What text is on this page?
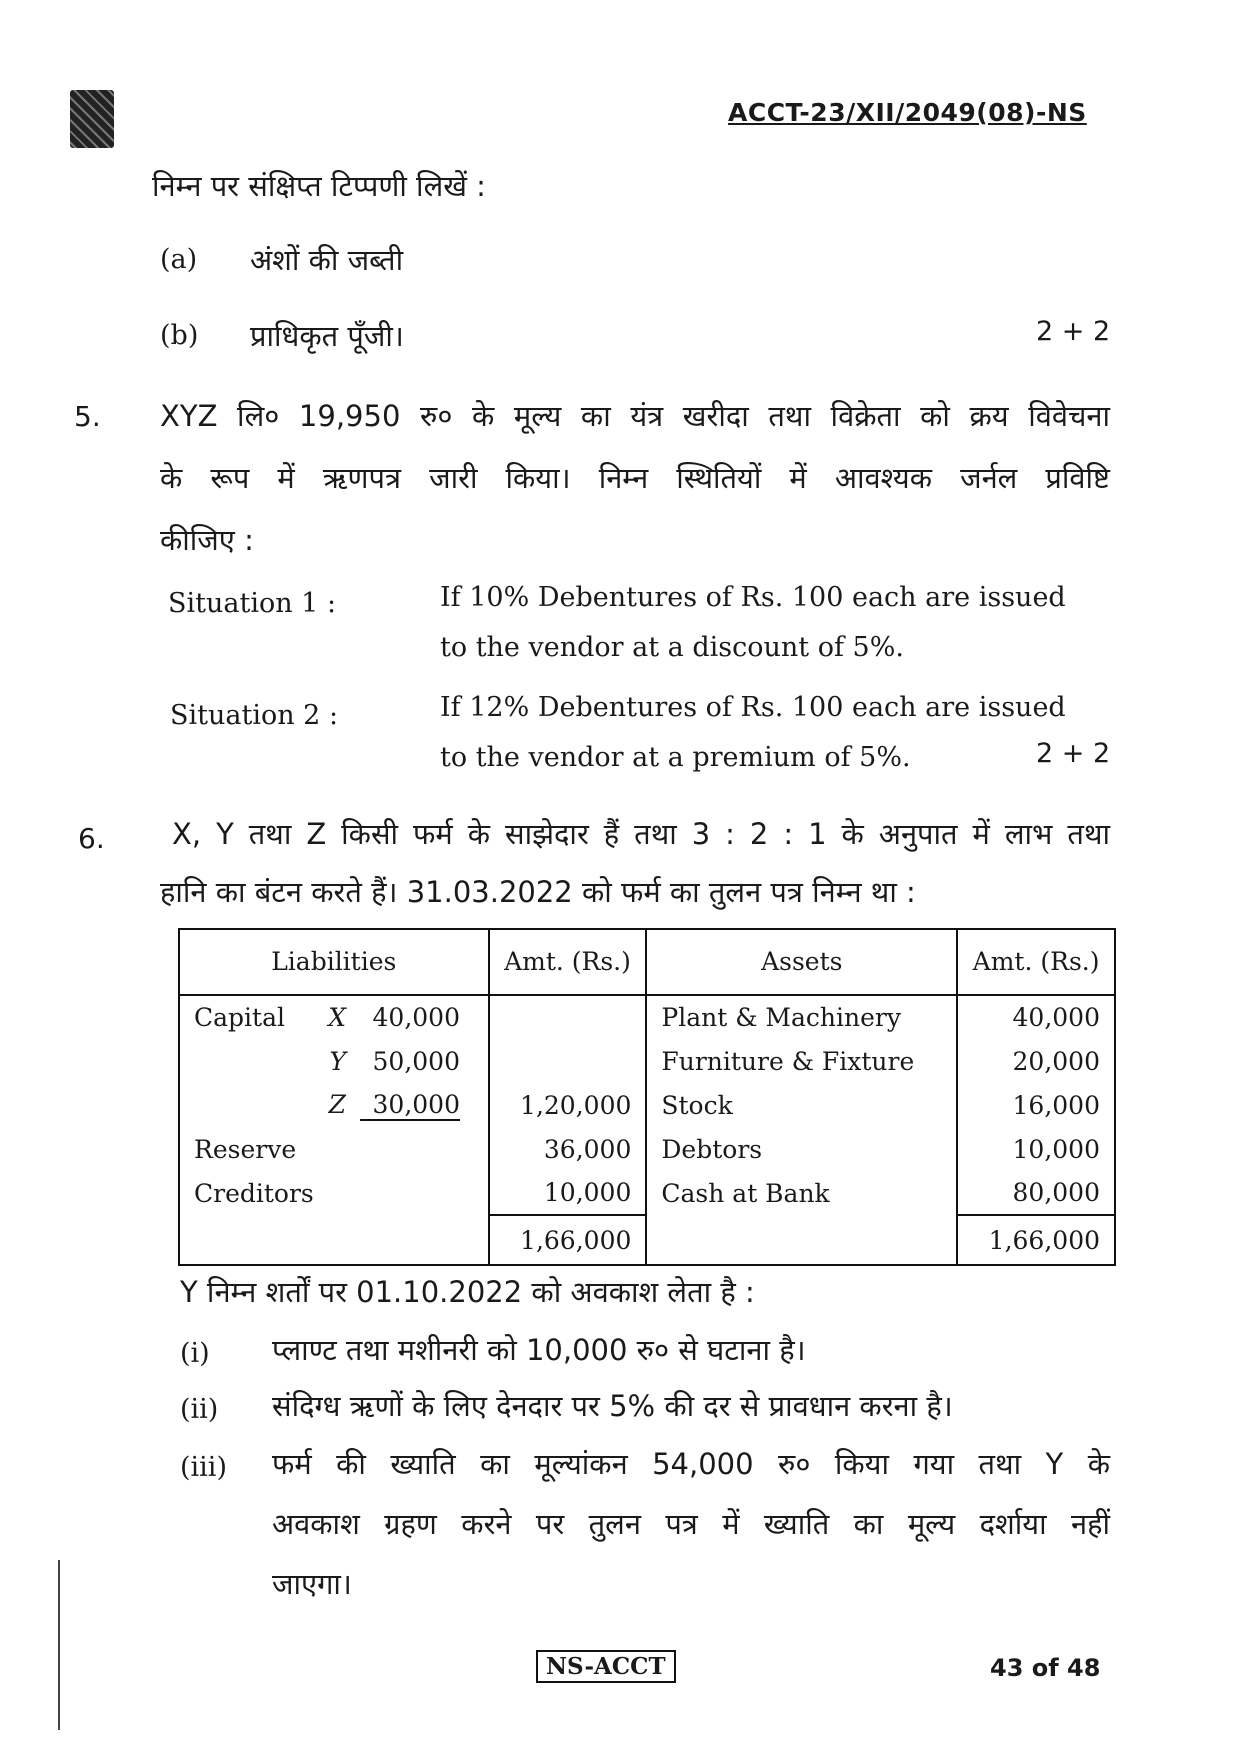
ACCT-23/XII/2049(08)-NS
निम्न पर संक्षिप्त टिप्पणी लिखें :
(a) अंशों की जब्ती
(b) प्राधिकृत पूँजी।	2 + 2
5. XYZ लि० 19,950 रु० के मूल्य का यंत्र खरीदा तथा विक्रेता को क्रय विवेचना
के रूप में ऋणपत्र जारी किया। निम्न स्थितियों में आवश्यक जर्नल प्रविष्टि
कीजिए :
Situation 1 :	If 10% Debentures of Rs. 100 each are issued
to the vendor at a discount of 5%.
Situation 2 :	If 12% Debentures of Rs. 100 each are issued
to the vendor at a premium of 5%.	2 + 2
6. X, Y तथा Z किसी फर्म के साझेदार हैं तथा 3 : 2 : 1 के अनुपात में लाभ तथा
हानि का बंटन करते हैं। 31.03.2022 को फर्म का तुलन पत्र निम्न था :
Liabilities	Amt. (Rs.)	Assets	Amt. (Rs.)
Capital X 40,000		Plant & Machinery	40,000
Y 50,000		Furniture & Fixture	20,000
Z 30,000	1,20,000	Stock	16,000
Reserve	36,000	Debtors	10,000
Creditors	10,000	Cash at Bank	80,000
	1,66,000		1,66,000
Y निम्न शर्तों पर 01.10.2022 को अवकाश लेता है :
(i) प्लाण्ट तथा मशीनरी को 10,000 रु० से घटाना है।
(ii) संदिग्ध ऋणों के लिए देनदार पर 5% की दर से प्रावधान करना है।
(iii) फर्म की ख्याति का मूल्यांकन 54,000 रु० किया गया तथा Y के
अवकाश ग्रहण करने पर तुलन पत्र में ख्याति का मूल्य दर्शाया नहीं
जाएगा।
NS-ACCT	43 of 48
